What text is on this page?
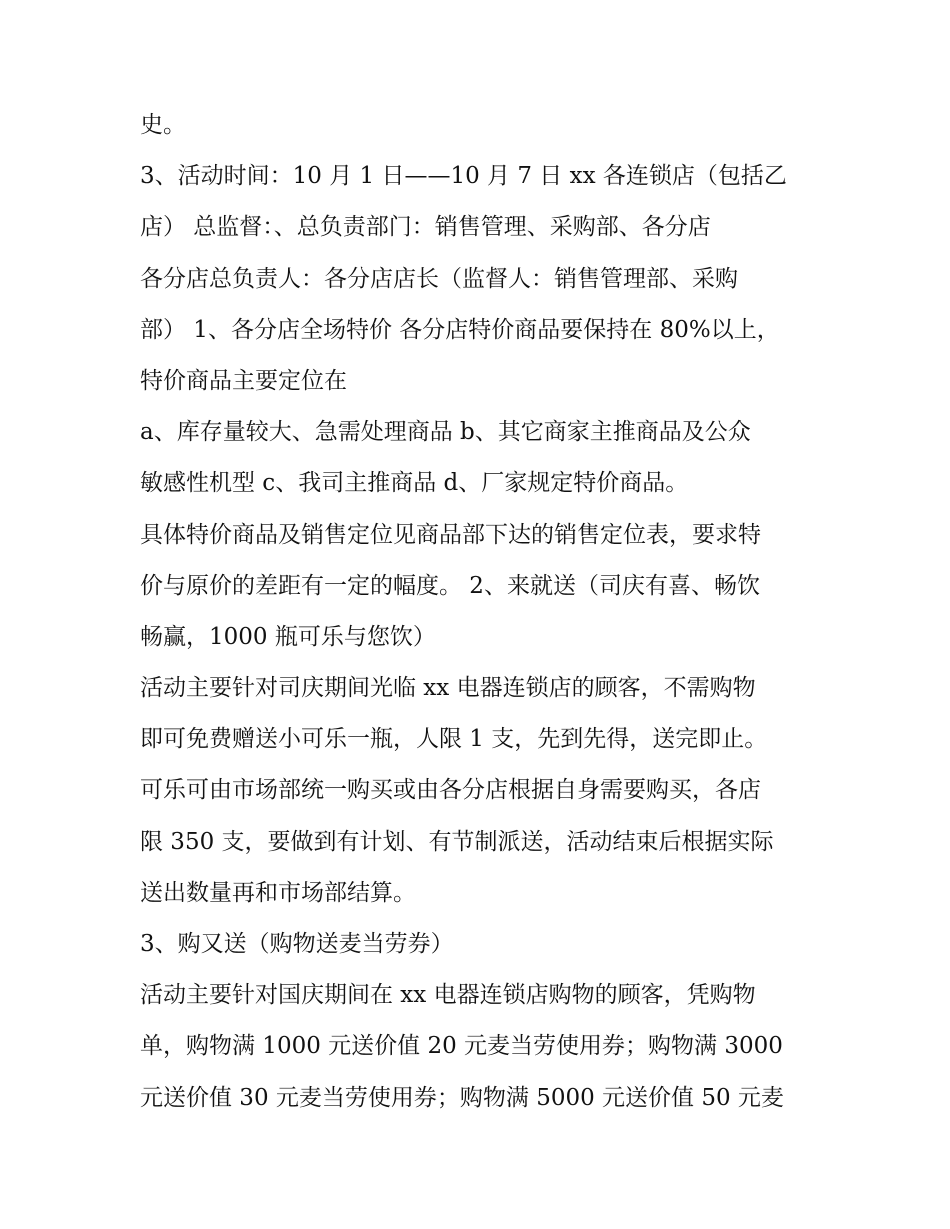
史。
3、活动时间：10 月 1 日——10 月 7 日 xx 各连锁店（包括乙
店） 总监督：、总负责部门：销售管理、采购部、各分店
各分店总负责人：各分店店长（监督人：销售管理部、采购
部） 1、各分店全场特价 各分店特价商品要保持在 80%以上，
特价商品主要定位在
a、库存量较大、急需处理商品 b、其它商家主推商品及公众
敏感性机型 c、我司主推商品 d、厂家规定特价商品。
具体特价商品及销售定位见商品部下达的销售定位表，要求特
价与原价的差距有一定的幅度。 2、来就送（司庆有喜、畅饮
畅赢，1000 瓶可乐与您饮）
活动主要针对司庆期间光临 xx 电器连锁店的顾客，不需购物
即可免费赠送小可乐一瓶，人限 1 支，先到先得，送完即止。
可乐可由市场部统一购买或由各分店根据自身需要购买，各店
限 350 支，要做到有计划、有节制派送，活动结束后根据实际
送出数量再和市场部结算。
3、购又送（购物送麦当劳券）
活动主要针对国庆期间在 xx 电器连锁店购物的顾客，凭购物
单，购物满 1000 元送价值 20 元麦当劳使用券；购物满 3000
元送价值 30 元麦当劳使用券；购物满 5000 元送价值 50 元麦
